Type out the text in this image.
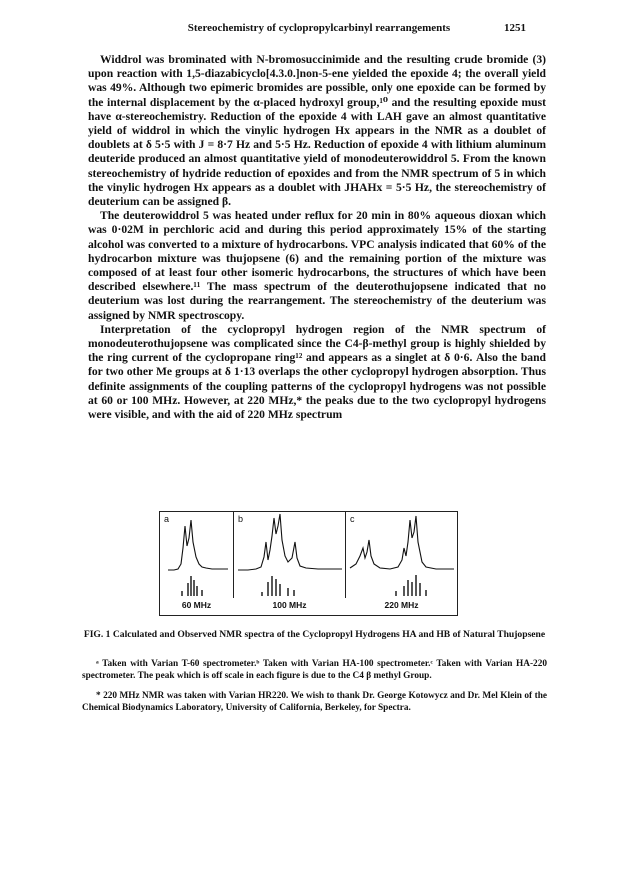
Stereochemistry of cyclopropylcarbinyl rearrangements	1251

Widdrol was brominated with N-bromosuccinimide and the resulting crude bromide (3) upon reaction with 1,5-diazabicyclo[4.3.0.]non-5-ene yielded the epoxide 4; the overall yield was 49%. Although two epimeric bromides are possible, only one epoxide can be formed by the internal displacement by the α-placed hydroxyl group,¹⁰ and the resulting epoxide must have α-stereochemistry. Reduction of the epoxide 4 with LAH gave an almost quantitative yield of widdrol in which the vinylic hydrogen Hx appears in the NMR as a doublet of doublets at δ 5·5 with J = 8·7 Hz and 5·5 Hz. Reduction of epoxide 4 with lithium aluminum deuteride produced an almost quantitative yield of monodeuterowiddrol 5. From the known stereochemistry of hydride reduction of epoxides and from the NMR spectrum of 5 in which the vinylic hydrogen Hx appears as a doublet with JHAHx = 5·5 Hz, the stereochemistry of deuterium can be assigned β.

The deuterowiddrol 5 was heated under reflux for 20 min in 80% aqueous dioxan which was 0·02M in perchloric acid and during this period approximately 15% of the starting alcohol was converted to a mixture of hydrocarbons. VPC analysis indicated that 60% of the hydrocarbon mixture was thujopsene (6) and the remaining portion of the mixture was composed of at least four other isomeric hydrocarbons, the structures of which have been described elsewhere.¹¹ The mass spectrum of the deuterothujopsene indicated that no deuterium was lost during the rearrangement. The stereochemistry of the deuterium was assigned by NMR spectroscopy.

Interpretation of the cyclopropyl hydrogen region of the NMR spectrum of monodeuterothujopsene was complicated since the C4-β-methyl group is highly shielded by the ring current of the cyclopropane ring¹² and appears as a singlet at δ 0·6. Also the band for two other Me groups at δ 1·13 overlaps the other cyclopropyl hydrogen absorption. Thus definite assignments of the coupling patterns of the cyclopropyl hydrogens was not possible at 60 or 100 MHz. However, at 220 MHz,* the peaks due to the two cyclopropyl hydrogens were visible, and with the aid of 220 MHz spectrum

a
60 MHz
b
100 MHz
c
220 MHz
FIG. 1 Calculated and Observed NMR spectra of the Cyclopropyl Hydrogens HA and HB of Natural Thujopsene
ᵃ Taken with Varian T-60 spectrometer.ᵇ Taken with Varian HA-100 spectrometer.ᶜ Taken with Varian HA-220 spectrometer. The peak which is off scale in each figure is due to the C4 β methyl Group.
* 220 MHz NMR was taken with Varian HR220. We wish to thank Dr. George Kotowycz and Dr. Mel Klein of the Chemical Biodynamics Laboratory, University of California, Berkeley, for Spectra.
